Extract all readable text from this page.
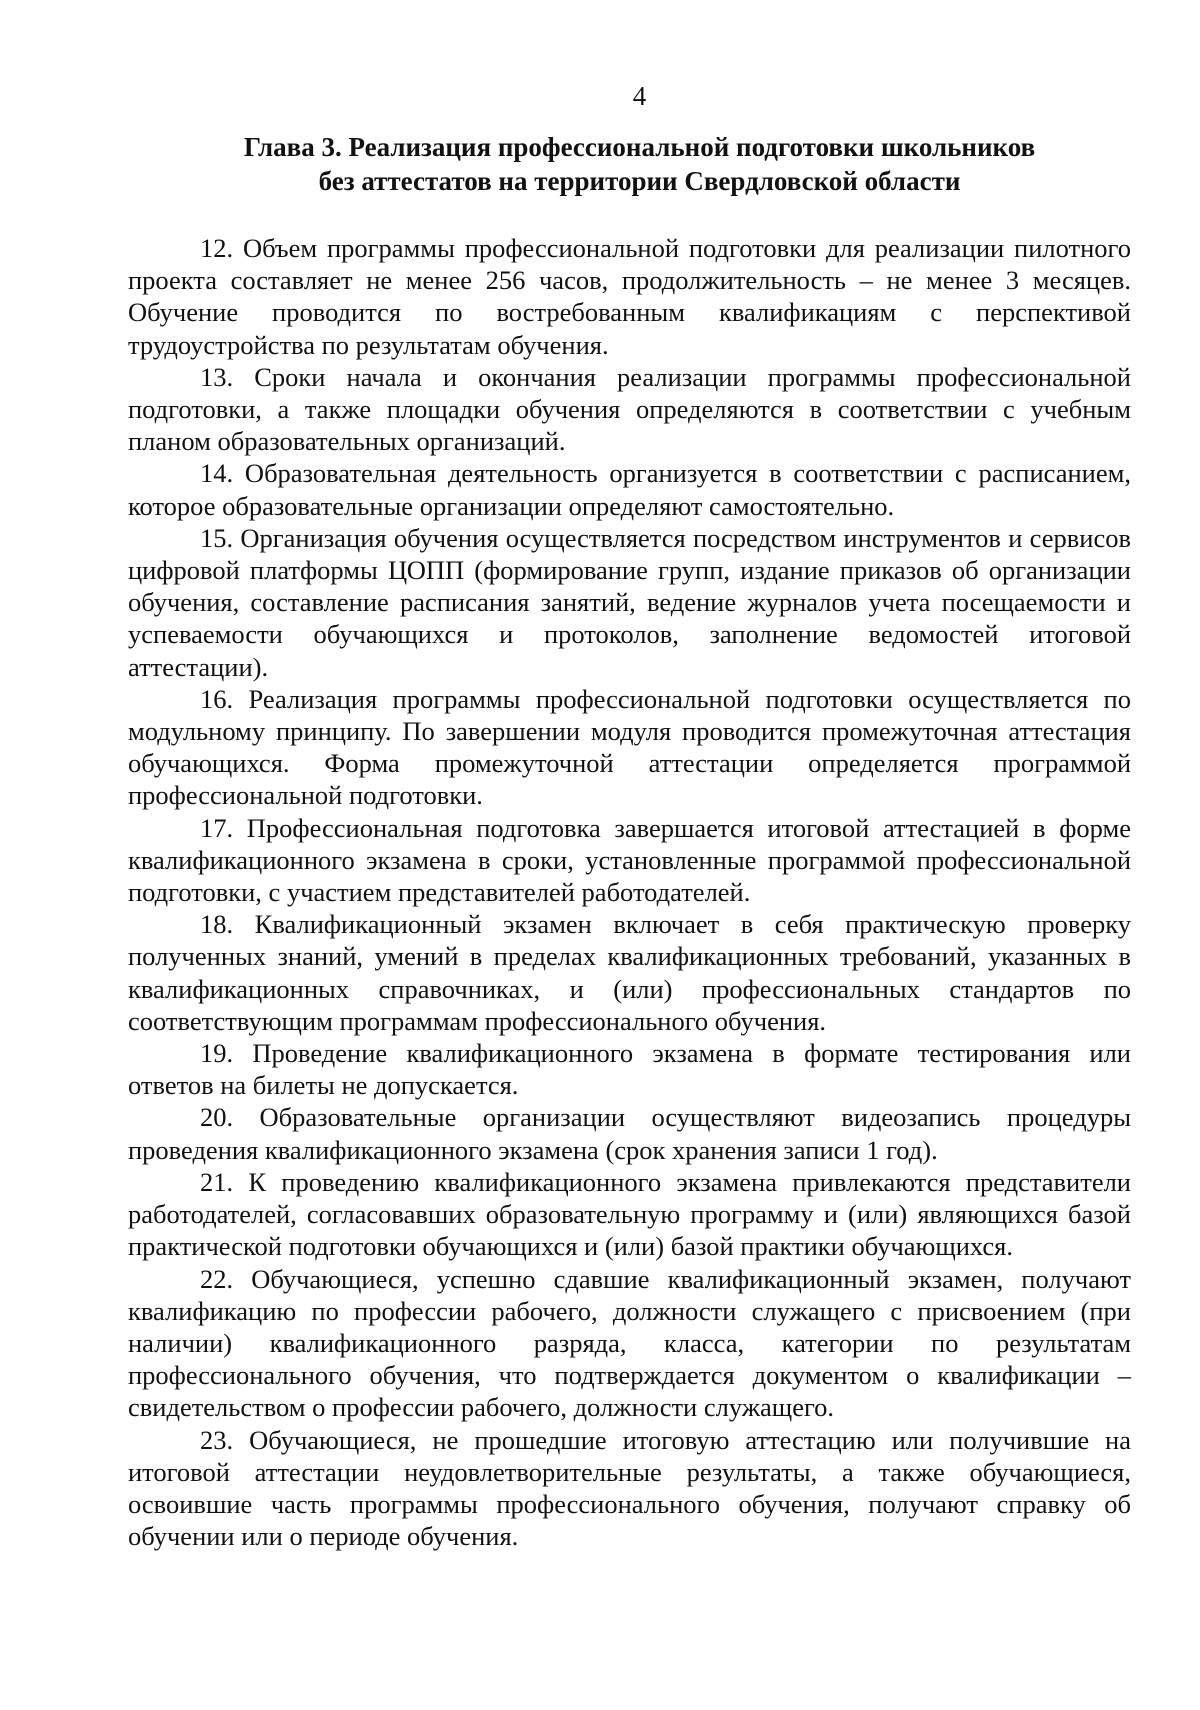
4
Глава 3. Реализация профессиональной подготовки школьников
без аттестатов на территории Свердловской области

12. Объем программы профессиональной подготовки для реализации пилотного проекта составляет не менее 256 часов, продолжительность – не менее 3 месяцев. Обучение проводится по востребованным квалификациям с перспективой трудоустройства по результатам обучения.

13. Сроки начала и окончания реализации программы профессиональной подготовки, а также площадки обучения определяются в соответствии с учебным планом образовательных организаций.

14. Образовательная деятельность организуется в соответствии с расписанием, которое образовательные организации определяют самостоятельно.

15. Организация обучения осуществляется посредством инструментов и сервисов цифровой платформы ЦОПП (формирование групп, издание приказов об организации обучения, составление расписания занятий, ведение журналов учета посещаемости и успеваемости обучающихся и протоколов, заполнение ведомостей итоговой аттестации).

16. Реализация программы профессиональной подготовки осуществляется по модульному принципу. По завершении модуля проводится промежуточная аттестация обучающихся. Форма промежуточной аттестации определяется программой профессиональной подготовки.

17. Профессиональная подготовка завершается итоговой аттестацией в форме квалификационного экзамена в сроки, установленные программой профессиональной подготовки, с участием представителей работодателей.

18. Квалификационный экзамен включает в себя практическую проверку полученных знаний, умений в пределах квалификационных требований, указанных в квалификационных справочниках, и (или) профессиональных стандартов по соответствующим программам профессионального обучения.

19. Проведение квалификационного экзамена в формате тестирования или ответов на билеты не допускается.

20. Образовательные организации осуществляют видеозапись процедуры проведения квалификационного экзамена (срок хранения записи 1 год).

21. К проведению квалификационного экзамена привлекаются представители работодателей, согласовавших образовательную программу и (или) являющихся базой практической подготовки обучающихся и (или) базой практики обучающихся.

22. Обучающиеся, успешно сдавшие квалификационный экзамен, получают квалификацию по профессии рабочего, должности служащего с присвоением (при наличии) квалификационного разряда, класса, категории по результатам профессионального обучения, что подтверждается документом о квалификации – свидетельством о профессии рабочего, должности служащего.

23. Обучающиеся, не прошедшие итоговую аттестацию или получившие на итоговой аттестации неудовлетворительные результаты, а также обучающиеся, освоившие часть программы профессионального обучения, получают справку об обучении или о периоде обучения.
